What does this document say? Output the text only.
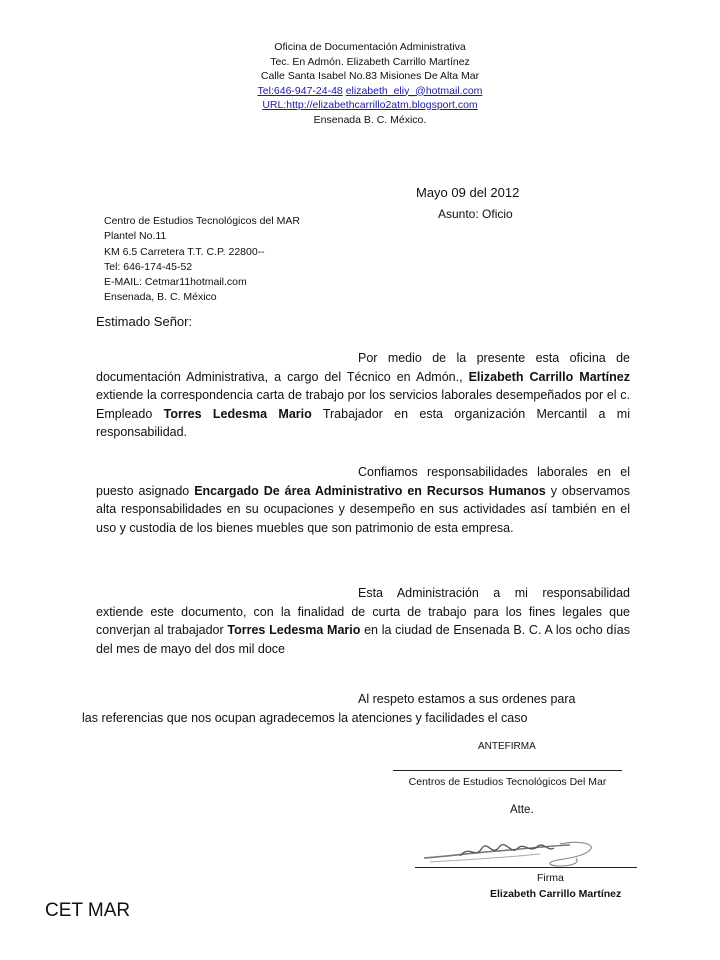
Oficina de Documentación Administrativa
Tec. En Admón. Elizabeth Carrillo Martínez
Calle Santa Isabel No.83 Misiones De Alta Mar
Tel:646-947-24-48 elizabeth_eliy_@hotmail.com
URL:http://elizabethcarrillo2atm.blogsport.com
Ensenada B. C. México.
Mayo 09 del 2012
Asunto: Oficio
Centro de Estudios Tecnológicos del MAR
Plantel No.11
KM 6.5 Carretera T.T. C.P. 22800--
Tel: 646-174-45-52
E-MAIL: Cetmar11hotmail.com
Ensenada, B. C. México
Estimado Señor:
Por medio de la presente esta oficina de documentación Administrativa, a cargo del Técnico en Admón., Elizabeth Carrillo Martínez extiende la correspondencia carta de trabajo por los servicios laborales desempeñados por el c. Empleado Torres Ledesma Mario Trabajador en esta organización Mercantil a mi responsabilidad.
Confiamos responsabilidades laborales en el puesto asignado Encargado De área Administrativo en Recursos Humanos y observamos alta responsabilidades en su ocupaciones y desempeño en sus actividades así también en el uso y custodia de los bienes muebles que son patrimonio de esta empresa.
Esta Administración a mi responsabilidad extiende este documento, con la finalidad de curta de trabajo para los fines legales que converjan al trabajador Torres Ledesma Mario en la ciudad de Ensenada B. C. A los ocho días del mes de mayo del dos mil doce
Al respeto estamos a sus ordenes para
las referencias que nos ocupan agradecemos la atenciones y facilidades el caso
ANTEFIRMA
Centros de Estudios Tecnológicos Del Mar
Atte.
Firma
Elizabeth Carrillo Martínez
CET MAR
